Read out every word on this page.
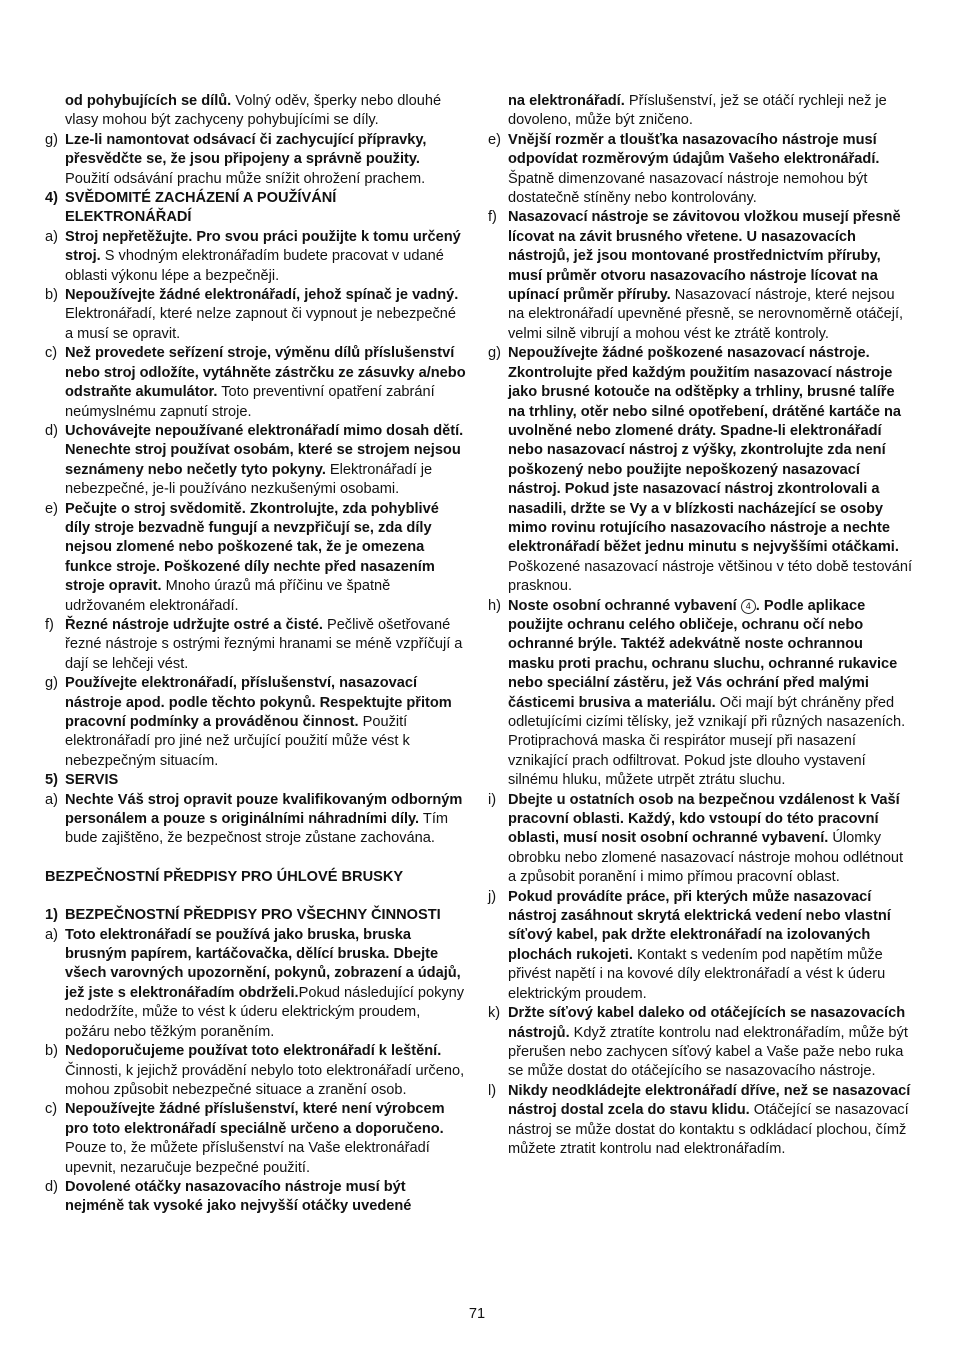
od pohybujících se dílů. Volný oděv, šperky nebo dlouhé vlasy mohou být zachyceny pohybujícími se díly.
g) Lze-li namontovat odsávací či zachycující přípravky, přesvědčte se, že jsou připojeny a správně použity. Použití odsávání prachu může snížit ohrožení prachem.
4) SVĚDOMITÉ ZACHÁZENÍ A POUŽÍVÁNÍ ELEKTRONÁŘADÍ
a) Stroj nepřetěžujte. Pro svou práci použijte k tomu určený stroj. S vhodným elektronářadím budete pracovat v udané oblasti výkonu lépe a bezpečněji.
b) Nepoužívejte žádné elektronářadí, jehož spínač je vadný. Elektronářadí, které nelze zapnout či vypnout je nebezpečné a musí se opravit.
c) Než provedete seřízení stroje, výměnu dílů příslušenství nebo stroj odložíte, vytáhněte zástrčku ze zásuvky a/nebo odstraňte akumulátor. Toto preventivní opatření zabrání neúmyslnému zapnutí stroje.
d) Uchovávejte nepoužívané elektronářadí mimo dosah dětí. Nenechte stroj používat osobám, které se strojem nejsou seznámeny nebo nečetly tyto pokyny. Elektronářadí je nebezpečné, je-li používáno nezkušenými osobami.
e) Pečujte o stroj svědomitě. Zkontrolujte, zda pohyblivé díly stroje bezvadně fungují a nevzpřičují se, zda díly nejsou zlomené nebo poškozené tak, že je omezena funkce stroje. Poškozené díly nechte před nasazením stroje opravit. Mnoho úrazů má příčinu ve špatně udržovaném elektronářadí.
f) Řezné nástroje udržujte ostré a čisté. Pečlivě ošetřované řezné nástroje s ostrými řeznými hranami se méně vzpříčují a dají se lehčeji vést.
g) Používejte elektronářadí, příslušenství, nasazovací nástroje apod. podle těchto pokynů. Respektujte přitom pracovní podmínky a prováděnou činnost. Použití elektronářadí pro jiné než určující použití může vést k nebezpečným situacím.
5) SERVIS
a) Nechte Váš stroj opravit pouze kvalifikovaným odborným personálem a pouze s originálními náhradními díly. Tím bude zajištěno, že bezpečnost stroje zůstane zachována.
BEZPEČNOSTNÍ PŘEDPISY PRO ÚHLOVÉ BRUSKY
1) BEZPEČNOSTNÍ PŘEDPISY PRO VŠECHNY ČINNOSTI
a) Toto elektronářadí se používá jako bruska, bruska brusným papírem, kartáčovačka, dělící bruska. Dbejte všech varovných upozornění, pokynů, zobrazení a údajů, jež jste s elektronářadím obdrželi.Pokud následující pokyny nedodržíte, může to vést k úderu elektrickým proudem, požáru nebo těžkým poraněním.
b) Nedoporučujeme používat toto elektronářadí k leštění. Činnosti, k jejichž provádění nebylo toto elektronářadí určeno, mohou způsobit nebezpečné situace a zranění osob.
c) Nepoužívejte žádné příslušenství, které není výrobcem pro toto elektronářadí speciálně určeno a doporučeno. Pouze to, že můžete příslušenství na Vaše elektronářadí upevnit, nezaručuje bezpečné použití.
d) Dovolené otáčky nasazovacího nástroje musí být nejméně tak vysoké jako nejvyšší otáčky uvedené
na elektronářadí. Příslušenství, jež se otáčí rychleji než je dovoleno, může být zničeno.
e) Vnější rozměr a tloušťka nasazovacího nástroje musí odpovídat rozměrovým údajům Vašeho elektronářadí. Špatně dimenzované nasazovací nástroje nemohou být dostatečně stíněny nebo kontrolovány.
f) Nasazovací nástroje se závitovou vložkou musejí přesně lícovat na závit brusného vřetene. U nasazovacích nástrojů, jež jsou montované prostřednictvím příruby, musí průměr otvoru nasazovacího nástroje lícovat na upínací průměr příruby. Nasazovací nástroje, které nejsou na elektronářadí upevněné přesně, se nerovnoměrně otáčejí, velmi silně vibrují a mohou vést ke ztrátě kontroly.
g) Nepoužívejte žádné poškozené nasazovací nástroje. Zkontrolujte před každým použitím nasazovací nástroje jako brusné kotouče na odštěpky a trhliny, brusné talíře na trhliny, otěr nebo silné opotřebení, drátěné kartáče na uvolněné nebo zlomené dráty. Spadne-li elektronářadí nebo nasazovací nástroj z výšky, zkontrolujte zda není poškozený nebo použijte nepoškozený nasazovací nástroj. Pokud jste nasazovací nástroj zkontrolovali a nasadili, držte se Vy a v blízkosti nacházející se osoby mimo rovinu rotujícího nasazovacího nástroje a nechte elektronářadí běžet jednu minutu s nejvyššími otáčkami. Poškozené nasazovací nástroje většinou v této době testování prasknou.
h) Noste osobní ochranné vybavení 4 . Podle aplikace použijte ochranu celého obličeje, ochranu očí nebo ochranné brýle. Taktéž adekvátně noste ochrannou masku proti prachu, ochranu sluchu, ochranné rukavice nebo speciální zástěru, jež Vás ochrání před malými částicemi brusiva a materiálu. Oči mají být chráněny před odletujícími cizími tělísky, jež vznikají při různých nasazeních. Protiprachová maska či respirátor musejí při nasazení vznikající prach odfiltrovat. Pokud jste dlouho vystavení silnému hluku, můžete utrpět ztrátu sluchu.
i) Dbejte u ostatních osob na bezpečnou vzdálenost k Vaší pracovní oblasti. Každý, kdo vstoupí do této pracovní oblasti, musí nosit osobní ochranné vybavení. Úlomky obrobku nebo zlomené nasazovací nástroje mohou odlétnout a způsobit poranění i mimo přímou pracovní oblast.
j) Pokud provádíte práce, při kterých může nasazovací nástroj zasáhnout skrytá elektrická vedení nebo vlastní síťový kabel, pak držte elektronářadí na izolovaných plochách rukojeti. Kontakt s vedením pod napětím může přivést napětí i na kovové díly elektronářadí a vést k úderu elektrickým proudem.
k) Držte síťový kabel daleko od otáčejících se nasazovacích nástrojů. Když ztratíte kontrolu nad elektronářadím, může být přerušen nebo zachycen síťový kabel a Vaše paže nebo ruka se může dostat do otáčejícího se nasazovacího nástroje.
l) Nikdy neodkládejte elektronářadí dříve, než se nasazovací nástroj dostal zcela do stavu klidu. Otáčející se nasazovací nástroj se může dostat do kontaktu s odkládací plochou, čímž můžete ztratit kontrolu nad elektronářadím.
71
